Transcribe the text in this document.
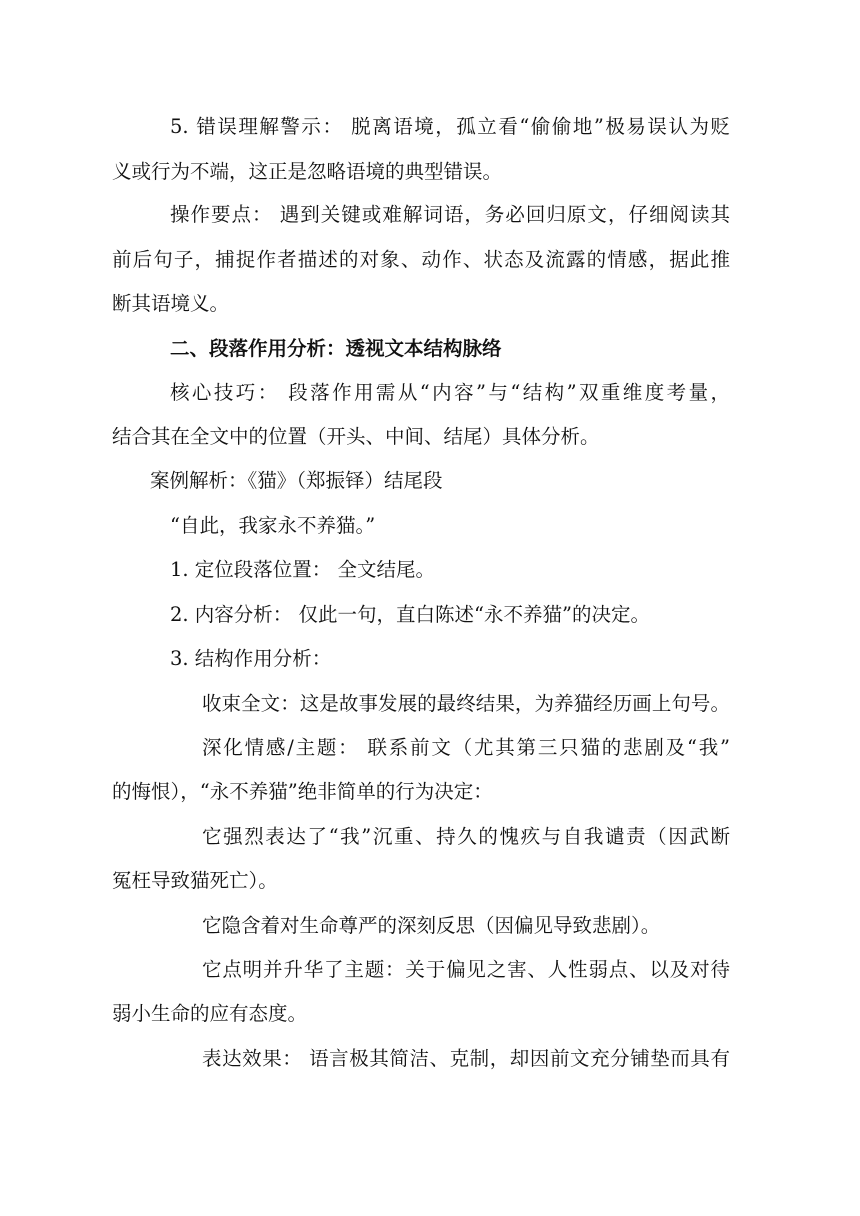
5. 错误理解警示： 脱离语境，孤立看“偷偷地”极易误认为贬
义或行为不端，这正是忽略语境的典型错误。
操作要点： 遇到关键或难解词语，务必回归原文，仔细阅读其
前后句子，捕捉作者描述的对象、动作、状态及流露的情感，据此推
断其语境义。
二、段落作用分析：透视文本结构脉络
核心技巧： 段落作用需从“内容”与“结构”双重维度考量，
结合其在全文中的位置（开头、中间、结尾）具体分析。
案例解析：《猫》（郑振铎）结尾段
“自此，我家永不养猫。”
1. 定位段落位置： 全文结尾。
2. 内容分析： 仅此一句，直白陈述“永不养猫”的决定。
3. 结构作用分析：
收束全文：这是故事发展的最终结果，为养猫经历画上句号。
深化情感/主题： 联系前文（尤其第三只猫的悲剧及“我”
的悔恨），“永不养猫”绝非简单的行为决定：
它强烈表达了“我”沉重、持久的愧疚与自我谴责（因武断
冤枉导致猫死亡）。
它隐含着对生命尊严的深刻反思（因偏见导致悲剧）。
它点明并升华了主题：关于偏见之害、人性弱点、以及对待
弱小生命的应有态度。
表达效果： 语言极其简洁、克制，却因前文充分铺垫而具有
